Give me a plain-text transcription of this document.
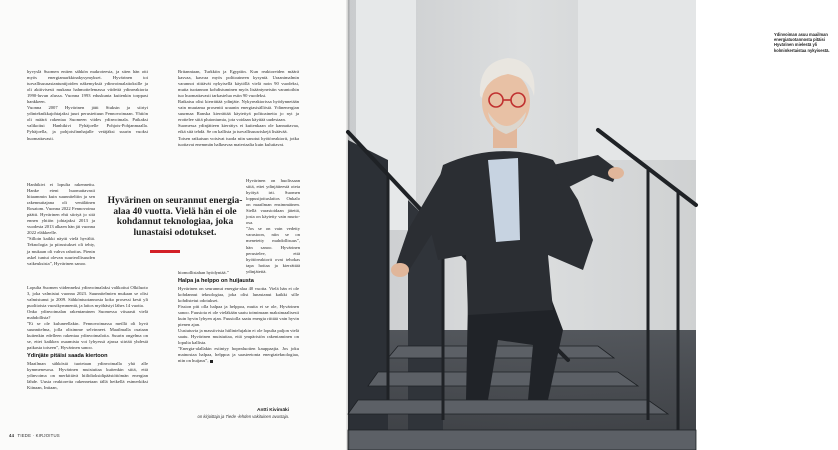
hyvyslä Suomen eniten sähkön makroteesia, ja siten hän otti myös energiamarkkinakysymykset. Hyvärinen toi turvallisuusasiantuntijoiden näkemyksiä ydinvoimalaitoksille ja oli aktiivisesti mukana hahmottelemassa viidettä ydinreaktoria 1990-luvun alussa. Vuonna 1993 eduskunta kuitenkin torppasi hankkeen.
Vuonna 2007 Hyvärinen jätti Stuksin ja siirtyi ydinteknikkajohtajaksi juuri perustettuun Fennovoimaan. Yhtiön oli määrä rakentaa Suomeen viides ydinvoimala. Paikaksi valikoitui Hanhikivi Pyhäjoelle Pohjois-Pohjanmaalla. Pyhäjoella, ja pohjoisfinnhajalle vetäjäksi suurin vuoksi huomattavasti.

Hanhikivi ei lopulta rakennettu. Hanke eteni huomattavasti hitaammin kuin suunniteltiin ja sen rakennuttajana oli venäläinen Rosatom. Vuonna 2022 Fennovoima päätti. Hyvärinen ehti siirtyä jo sitä ennen yhtiön johtajaksi 2013 ja vuodesta 2013 alkaen hän jäi vuonna 2022 eläkkeelle.
”Silloin kaikki näytti vielä hyvältä. Teknologia ja piirustukset oli tehty, ja mukaan oli vahva rahoitus. Pienin askel tuntui olevan suurteollisuuden vaikeuksista”, Hyvärinen sanoo.

Lopulta Suomen viidenneksi ydinvoimalaksi valikoitui Olkiluoto 3, joka valmistui vuonna 2023. Suunnitelmien mukaan se olisi valmistunut jo 2009. Sähköntuotannosta koko prosessi kesti yli puolitoista vuosikymmentä, ja laitos myöhästyi lähes 14 vuotta.
Onko ydinvoimalan rakentaminen Suomessa viisaasti vielä mahdollista?
”Ei se ole kuluneellakin. Fennovoimassa meillä oli hyvä suunnitelma, jolla olisimme selvinneet. Maailmalla osataan kuitenkin edelleen rakentaa ydinvoimaloita. Suurin ongelma on se, ettei kaikkea osaamista voi lyhyessä ajassa siirtää yhdestä paikasta toiseen”, Hyvärinen sanoo.

Ydinjäte pitäisi saada kiertoon

Maailman sähköstä tuotetaan ydinvoimalla yhä alle kymmenesosa. Hyvärinen muistuttaa kuitenkin siitä, että ydinvoima on merkittävä hiilidioksidipäästöttömän energian lähde. Uusia reaktoreita rakennetaan tällä hetkellä esimerkiksi Kiinaan, Intiaan,

Britanniaan, Turkkiin ja Egyptiin. Kun reaktoreiden määrä kasvaa, kasvaa myös polttoaineen kysyntä. Uraanimalmin varannot riittävät nykyisellä käytöllä vielä noin 90 vuodeksi, mutta tuotannon kohdistuminen myös lisääntyneisiin varantoihin tuo huomattavasti tarkastelua esiin 90 vuodeksi.
Ratkaisu olisi kierrättää ydinjäte. Nykyreaktorissa hyödynnetään vain muutama prosentti uraanin energiasisällöstä. Ydinenergian suurmaa Ranska kierrättää käytettyä polttoainetta jo nyt ja erottelee siitä plutoniumia, jota voidaan käyttää uudestaan.
Suomessa ydinjätteen kierrätys ei kuitenkaan ole kannattavaa, eikä sitä tehdä. Se on kallista ja turvallisuusriskejä lisäävää.
Toisen ratkaisun voisivat tuoda niin sanotut hyötöreaktorit, jotka tuottavat enemmän halkeavaa materiaalia kuin kuluttavat.

Hyvärinen on huolissaan siitä, ettei ydinjätteestä oteta hyötyä irti. Suomen loppusijoituslaitos Onkalo on maailman ensimmäinen. Siellä varastoidaan jätettä, josta on käytetty vain murto-osa.
”Jos se on vain vedetty varastoon, niin se on menetetty mahdollisuus”, hän sanoo. Hyvärinen perustelee, että hyötöreaktorit ovat tehokas tapa hoitaa ja kierrättää ydinjätettä.

hiomollistahan hyödyntää.”

Halpa ja helppo on huijausta

Hyvärinen on seurannut energia-alaa 40 vuotta. Vielä hän ei ole kohdannut teknologiaa, joka olisi lunastanut kaikki sille kohdistetut odotukset.
Fission piti olla halpaa ja helppoa, mutta ei se ole, Hyvärinen sanoo. Fuusiota ei ole vieläkään saatu toimimaan maksimaalisesti kuin hyvin lyhyen ajan. Fuusiolla saatu energia riittää vain hyvin pienen ajan.
Uusiutuvia ja massiivisia hiilinielujakin ei ole lopulta paljon vielä saatu. Hyvärinen muistuttaa, että ympäristön rakentaminen on lopulta kallista.
”Energia-alallakin esiintyy hopealuotien kauppaajia. Jos joku mainostaa halpaa, helppoa ja saasteetonta energiateknologiaa, niin on huijaus”,

Hyvärinen on seurannut energia-alaa 40 vuotta. Vielä hän ei ole kohdannut teknologiaa, joka lunastaisi odotukset.
Antti Kivimäki
on kirjoittaja ja Tiede -lehden vakituinen avustaja.
44 TIEDE · KIRJOITUS
Ydinvoiman asuu maailman energiatuotannosta pitäisi Hyvärinen mielestä yli kolminkertaistaa nykyisestä.
